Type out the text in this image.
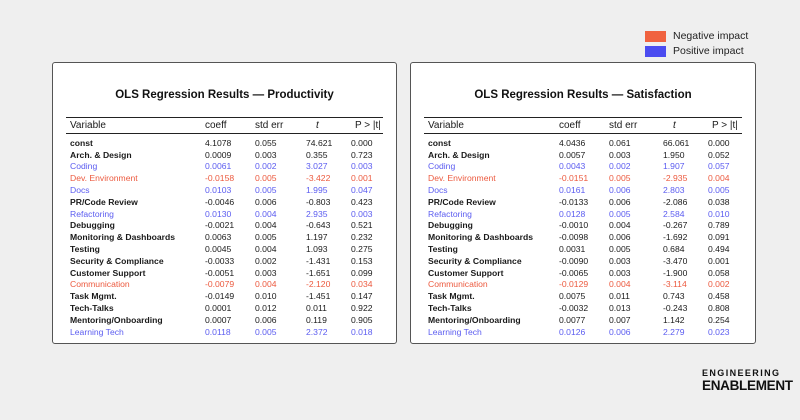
Negative impact
Positive impact
OLS Regression Results — Productivity
Variable	coeff	std err	t	P > |t|
const	4.1078	0.055	74.621	0.000
Arch. & Design	0.0009	0.003	0.355	0.723
Coding	0.0061	0.002	3.027	0.003
Dev. Environment	-0.0158	0.005	-3.422	0.001
Docs	0.0103	0.005	1.995	0.047
PR/Code Review	-0.0046	0.006	-0.803	0.423
Refactoring	0.0130	0.004	2.935	0.003
Debugging	-0.0021	0.004	-0.643	0.521
Monitoring & Dashboards	0.0063	0.005	1.197	0.232
Testing	0.0045	0.004	1.093	0.275
Security & Compliance	-0.0033	0.002	-1.431	0.153
Customer Support	-0.0051	0.003	-1.651	0.099
Communication	-0.0079	0.004	-2.120	0.034
Task Mgmt.	-0.0149	0.010	-1.451	0.147
Tech-Talks	0.0001	0.012	0.011	0.922
Mentoring/Onboarding	0.0007	0.006	0.119	0.905
Learning Tech	0.0118	0.005	2.372	0.018
OLS Regression Results — Satisfaction
Variable	coeff	std err	t	P > |t|
const	4.0436	0.061	66.061	0.000
Arch. & Design	0.0057	0.003	1.950	0.052
Coding	0.0043	0.002	1.907	0.057
Dev. Environment	-0.0151	0.005	-2.935	0.004
Docs	0.0161	0.006	2.803	0.005
PR/Code Review	-0.0133	0.006	-2.086	0.038
Refactoring	0.0128	0.005	2.584	0.010
Debugging	-0.0010	0.004	-0.267	0.789
Monitoring & Dashboards	-0.0098	0.006	-1.692	0.091
Testing	0.0031	0.005	0.684	0.494
Security & Compliance	-0.0090	0.003	-3.470	0.001
Customer Support	-0.0065	0.003	-1.900	0.058
Communication	-0.0129	0.004	-3.114	0.002
Task Mgmt.	0.0075	0.011	0.743	0.458
Tech-Talks	-0.0032	0.013	-0.243	0.808
Mentoring/Onboarding	0.0077	0.007	1.142	0.254
Learning Tech	0.0126	0.006	2.279	0.023
ENGINEERING
ENABLEMENT
